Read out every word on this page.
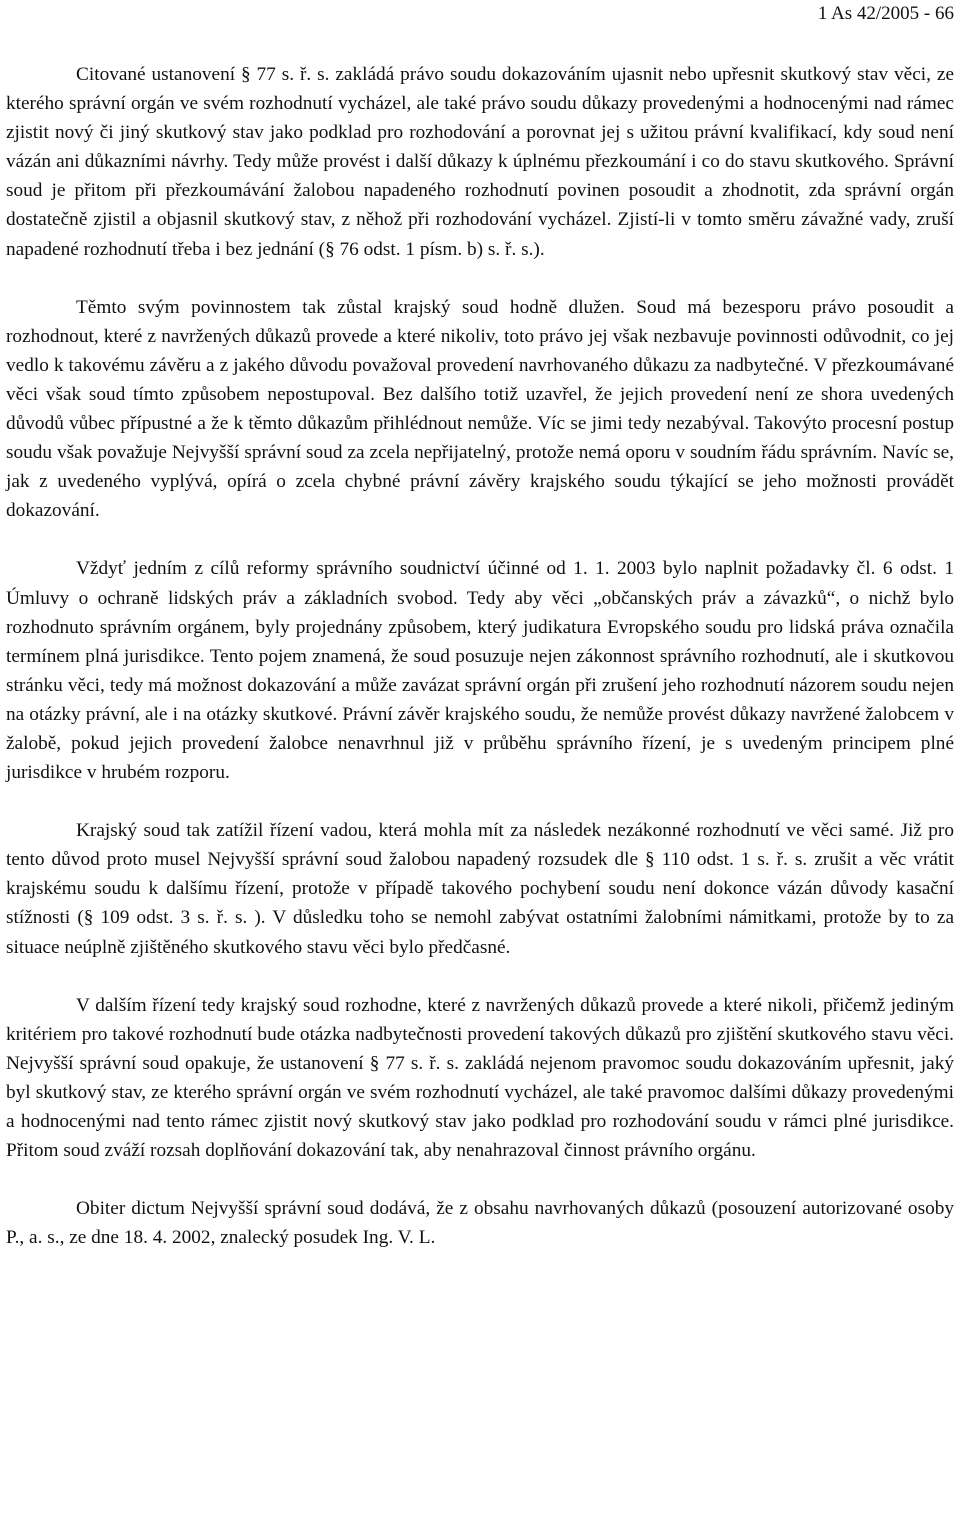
1 As 42/2005 - 66

Citované ustanovení § 77 s. ř. s. zakládá právo soudu dokazováním ujasnit nebo upřesnit skutkový stav věci, ze kterého správní orgán ve svém rozhodnutí vycházel, ale také právo soudu důkazy provedenými a hodnocenými nad rámec zjistit nový či jiný skutkový stav jako podklad pro rozhodování a porovnat jej s užitou právní kvalifikací, kdy soud není vázán ani důkazními návrhy. Tedy může provést i další důkazy k úplnému přezkoumání i co do stavu skutkového. Správní soud je přitom při přezkoumávání žalobou napadeného rozhodnutí povinen posoudit a zhodnotit, zda správní orgán dostatečně zjistil a objasnil skutkový stav, z něhož při rozhodování vycházel. Zjistí-li v tomto směru závažné vady, zruší napadené rozhodnutí třeba i bez jednání (§ 76 odst. 1 písm. b) s. ř. s.).

Těmto svým povinnostem tak zůstal krajský soud hodně dlužen. Soud má bezesporu právo posoudit a rozhodnout, které z navržených důkazů provede a které nikoliv, toto právo jej však nezbavuje povinnosti odůvodnit, co jej vedlo k takovému závěru a z jakého důvodu považoval provedení navrhovaného důkazu za nadbytečné. V přezkoumávané věci však soud tímto způsobem nepostupoval. Bez dalšího totiž uzavřel, že jejich provedení není ze shora uvedených důvodů vůbec přípustné a že k těmto důkazům přihlédnout nemůže. Víc se jimi tedy nezabýval. Takovýto procesní postup soudu však považuje Nejvyšší správní soud za zcela nepřijatelný, protože nemá oporu v soudním řádu správním. Navíc se, jak z uvedeného vyplývá, opírá o zcela chybné právní závěry krajského soudu týkající se jeho možnosti provádět dokazování.

Vždyť jedním z cílů reformy správního soudnictví účinné od 1. 1. 2003 bylo naplnit požadavky čl. 6 odst. 1 Úmluvy o ochraně lidských práv a základních svobod. Tedy aby věci „občanských práv a závazků“, o nichž bylo rozhodnuto správním orgánem, byly projednány způsobem, který judikatura Evropského soudu pro lidská práva označila termínem plná jurisdikce. Tento pojem znamená, že soud posuzuje nejen zákonnost správního rozhodnutí, ale i skutkovou stránku věci, tedy má možnost dokazování a může zavázat správní orgán při zrušení jeho rozhodnutí názorem soudu nejen na otázky právní, ale i na otázky skutkové. Právní závěr krajského soudu, že nemůže provést důkazy navržené žalobcem v žalobě, pokud jejich provedení žalobce nenavrhnul již v průběhu správního řízení, je s uvedeným principem plné jurisdikce v hrubém rozporu.

Krajský soud tak zatížil řízení vadou, která mohla mít za následek nezákonné rozhodnutí ve věci samé. Již pro tento důvod proto musel Nejvyšší správní soud žalobou napadený rozsudek dle § 110 odst. 1 s. ř. s. zrušit a věc vrátit krajskému soudu k dalšímu řízení, protože v případě takového pochybení soudu není dokonce vázán důvody kasační stížnosti (§ 109 odst. 3 s. ř. s. ). V důsledku toho se nemohl zabývat ostatními žalobními námitkami, protože by to za situace neúplně zjištěného skutkového stavu věci bylo předčasné.

V dalším řízení tedy krajský soud rozhodne, které z navržených důkazů provede a které nikoli, přičemž jediným kritériem pro takové rozhodnutí bude otázka nadbytečnosti provedení takových důkazů pro zjištění skutkového stavu věci. Nejvyšší správní soud opakuje, že ustanovení § 77 s. ř. s. zakládá nejenom pravomoc soudu dokazováním upřesnit, jaký byl skutkový stav, ze kterého správní orgán ve svém rozhodnutí vycházel, ale také pravomoc dalšími důkazy provedenými a hodnocenými nad tento rámec zjistit nový skutkový stav jako podklad pro rozhodování soudu v rámci plné jurisdikce. Přitom soud zváží rozsah doplňování dokazování tak, aby nenahrazoval činnost právního orgánu.

Obiter dictum Nejvyšší správní soud dodává, že z obsahu navrhovaných důkazů (posouzení autorizované osoby P., a. s., ze dne 18. 4. 2002, znalecký posudek Ing. V. L.
